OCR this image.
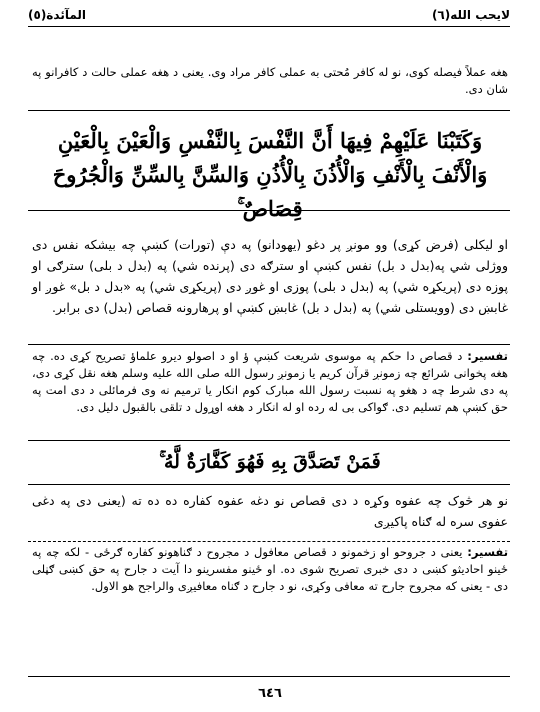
لايحب الله(٦)
المآئدة(٥)
هغه عملاً فیصله کوی، نو له کافر مُحتی به عملی کافر مراد وی. یعنی د هغه عملی حالت د کافرانو په شان دی.
وَكَتَبْنَا عَلَيْهِمْ فِيهَا أَنَّ النَّفْسَ بِالنَّفْسِ وَالْعَيْنَ بِالْعَيْنِ وَالْأَنْفَ بِالْأَنْفِ وَالْأُذُنَ بِالْأُذُنِ وَالسِّنَّ بِالسِّنِّ وَالْجُرُوحَ قِصَاصٌ ۚ
او لیکلی (فرض کړی) وو مونږ پر دغو (یهودانو) په دې (تورات) کښې چه بیشکه نفس دی ووژلی شي په(بدل د بل) نفس کښې او سترګه دی (پرنده شي) په (بدل د بلی) سترګی او پوزه دی (پریکړه شي) په (بدل د بلی) پوزی او غوږ دی (پریکړی شي) په «بدل د بل» غوږ او غابښ دی (وویستلی شي) په (بدل د بل) غابښ کښې او پرهارونه قصاص (بدل) دی برابر.
تفسیر: د قصاص دا حکم په موسوی شریعت کښې ؤ او د اصولو دیرو علماؤ تصریح کړی ده. چه هغه پخوانی شرائع چه زمونږ قرآن کریم یا زمونږ رسول الله صلی الله علیه وسلم هغه نقل کړی دی، په دی شرط چه د هغو په نسبت رسول الله مبارک کوم انکار یا ترمیم نه وی فرمائلی د دی امت په حق کښې هم تسلیم دی. ګواکی بی له رده او له انکار د هغه اوړول د تلقی بالقبول دلیل دی.
فَمَنْ تَصَدَّقَ بِهِ فَهُوَ كَفَّارَةٌ لَّهُ ۚ
نو هر څوک چه عفوه وکړه د دی قصاص نو دغه عفوه کفاره ده ده ته (یعنی دی په دغی عفوی سره له ګناه پاکیږی
تفسیر: یعنی د جروحو او زخمونو د قصاص معافول د مجروح د ګناهونو کفاره ګرځی - لکه چه په ځینو احادیثو کښی د دی خبری تصریح شوی ده. او ځینو مفسرینو دا آیت د جارح په حق کښی ګڼلی دی - یعنی که مجروح جارح ته معافی وکړی، نو د جارح د ګناه معافیږی والراجح هو الاول.
٦٤٦
